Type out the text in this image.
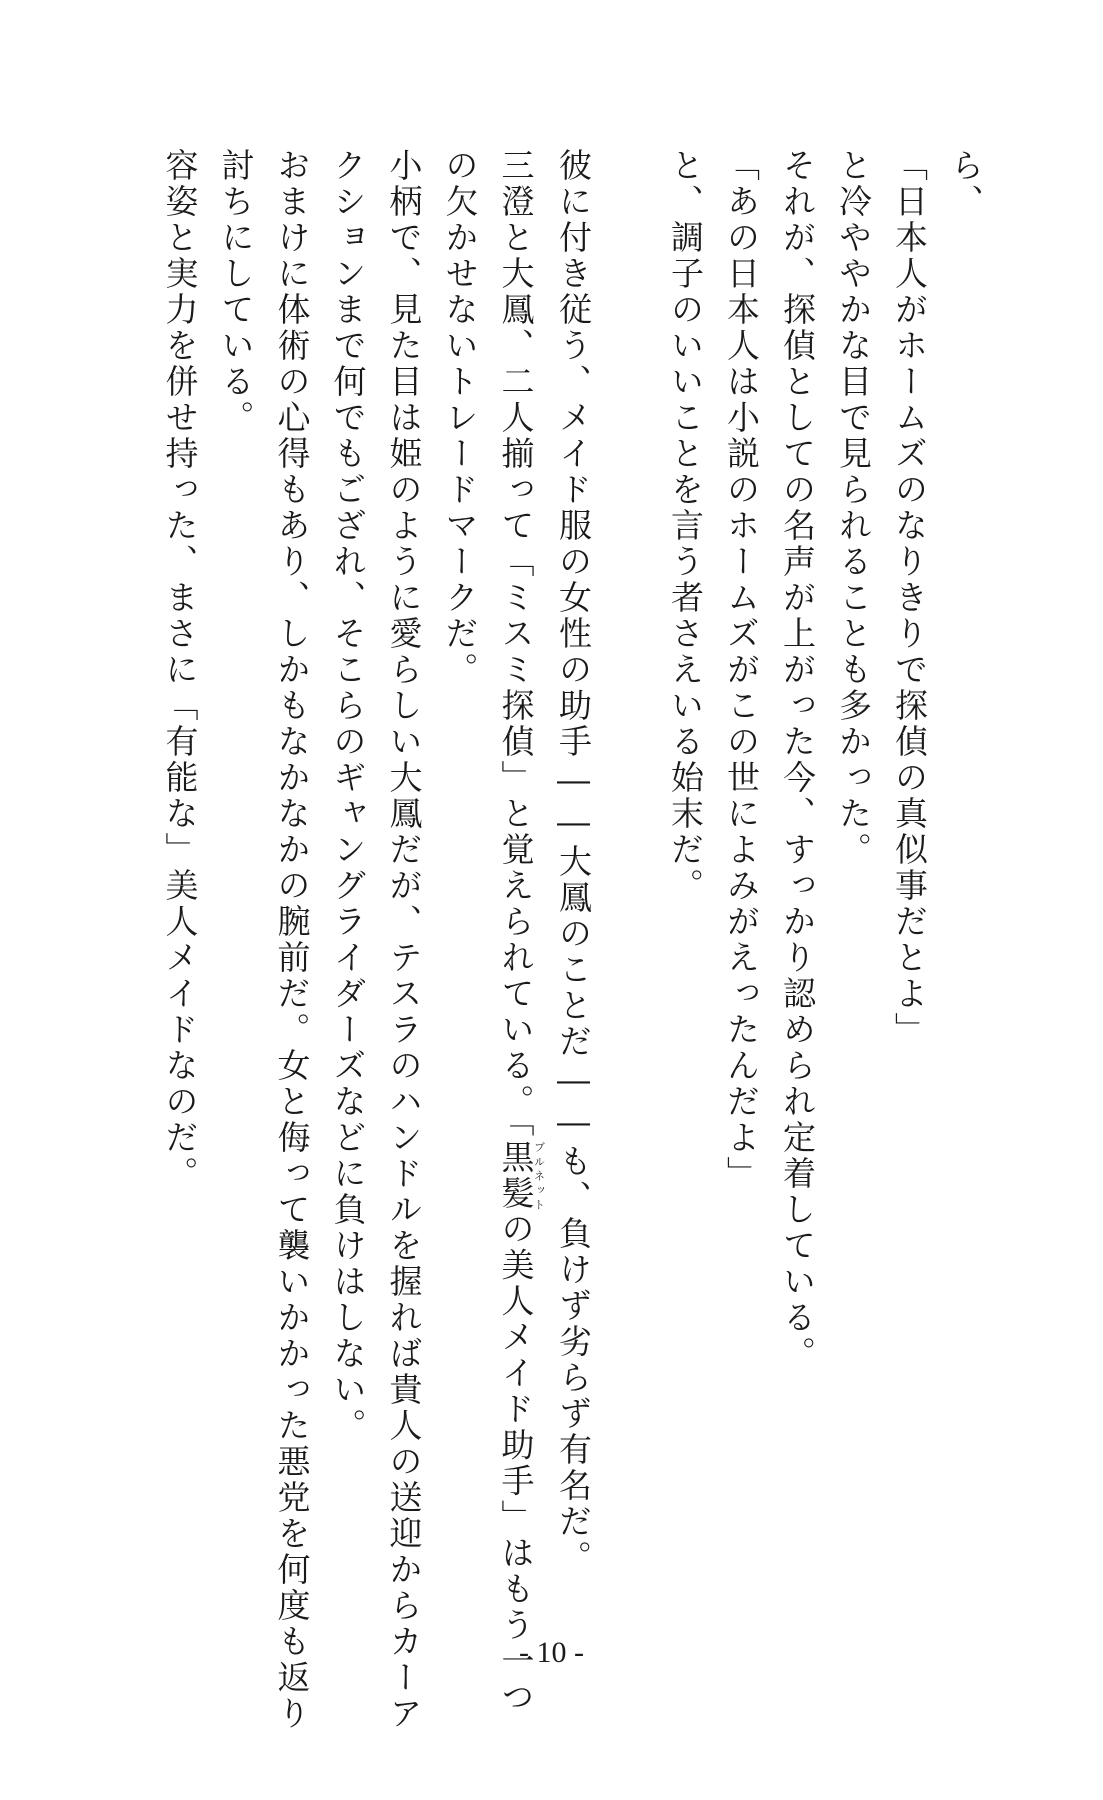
ら、
「日本人がホームズのなりきりで探偵の真似事だとよ」
と冷ややかな目で見られることも多かった。
それが、探偵としての名声が上がった今、すっかり認められ定着している。
「あの日本人は小説のホームズがこの世によみがえったんだよ」
と、調子のいいことを言う者さえいる始末だ。
彼に付き従う、メイド服の女性の助手――大鳳のことだ――も、負けず劣らず有名だ。
三澄と大鳳、二人揃って「ミスミ探偵」と覚えられている。「黒髪ブルネットの美人メイド助手」はもう一つ
の欠かせないトレードマークだ。
小柄で、見た目は姫のように愛らしい大鳳だが、テスラのハンドルを握れば貴人の送迎からカーア
クションまで何でもござれ、そこらのギャングライダーズなどに負けはしない。
おまけに体術の心得もあり、しかもなかなかの腕前だ。女と侮って襲いかかった悪党を何度も返り
討ちにしている。
容姿と実力を併せ持った、まさに「有能な」美人メイドなのだ。
- 10 -
